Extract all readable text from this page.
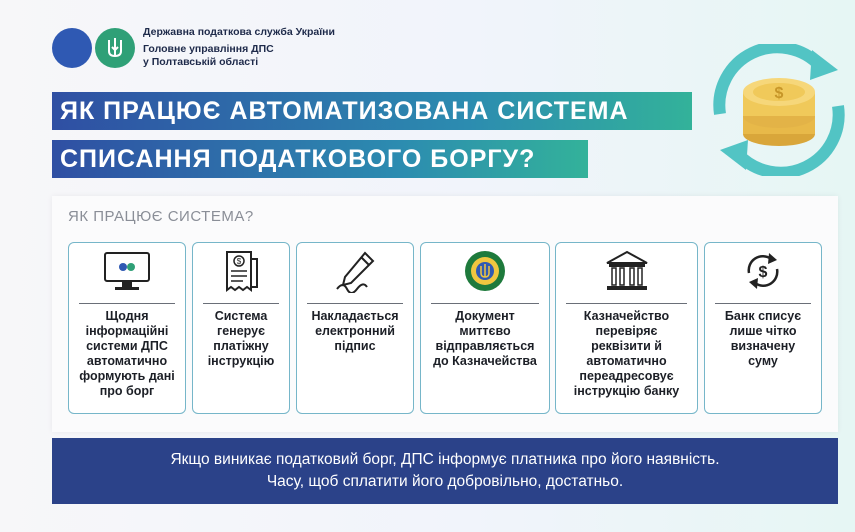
Державна податкова служба України
Головне управління ДПС
у Полтавській області
ЯК ПРАЦЮЄ АВТОМАТИЗОВАНА СИСТЕМА
СПИСАННЯ ПОДАТКОВОГО БОРГУ?
$
ЯК ПРАЦЮЄ СИСТЕМА?
Щодня
інформаційні
системи ДПС
автоматично
формують дані
про борг
$
Система
генерує
платіжну
інструкцію
Накладається
електронний
підпис
Документ
миттєво
відправляється
до Казначейства
Казначейство
перевіряє
реквізити й
автоматично
переадресовує
інструкцію банку
$
Банк списує
лише чітко
визначену
суму
Якщо виникає податковий борг, ДПС інформує платника про його наявність.
Часу, щоб сплатити його добровільно, достатньо.
